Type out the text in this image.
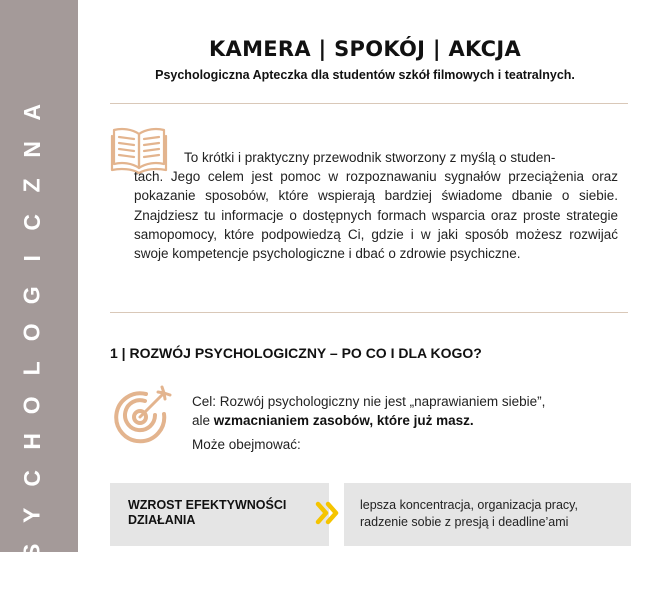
A
N
Z
C
I
G
O
L
O
H
C
Y
S
P
KAMERA | SPOKÓJ | AKCJA
Psychologiczna Apteczka dla studentów szkół filmowych i teatralnych.
To krótki i praktyczny przewodnik stworzony z myślą o studen-
tach. Jego celem jest pomoc w rozpoznawaniu sygnałów przeciążenia oraz pokazanie sposobów, które wspierają bardziej świadome dbanie o siebie. Znajdziesz tu informacje o dostępnych formach wsparcia oraz proste strategie samopomocy, które podpowiedzą Ci, gdzie i w jaki sposób możesz rozwijać swoje kompetencje psychologiczne i dbać o zdrowie psychiczne.
1 | ROZWÓJ PSYCHOLOGICZNY – PO CO I DLA KOGO?
Cel: Rozwój psychologiczny nie jest „naprawianiem siebie”,
ale wzmacnianiem zasobów, które już masz.
Może obejmować:
WZROST EFEKTYWNOŚCI DZIAŁANIA
lepsza koncentracja, organizacja pracy, radzenie sobie z presją i deadline’ami
